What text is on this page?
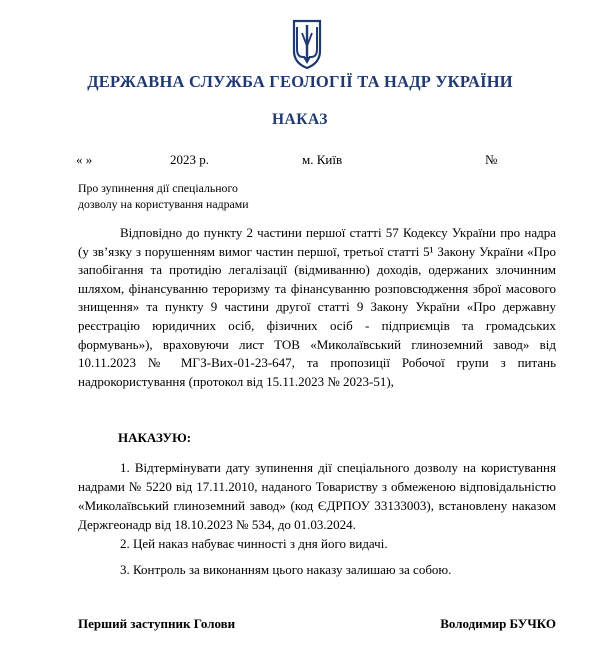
ДЕРЖАВНА СЛУЖБА ГЕОЛОГІЇ ТА НАДР УКРАЇНИ
НАКАЗ
« »	2023 р.	м. Київ	№
Про зупинення дії спеціального
дозволу на користування надрами

Відповідно до пункту 2 частини першої статті 57 Кодексу України про надра (у зв’язку з порушенням вимог частин першої, третьої статті 5¹ Закону України «Про запобігання та протидію легалізації (відмиванню) доходів, одержаних злочинним шляхом, фінансуванню тероризму та фінансуванню розповсюдження зброї масового знищення» та пункту 9 частини другої статті 9 Закону України «Про державну реєстрацію юридичних осіб, фізичних осіб - підприємців та громадських формувань»), враховуючи лист ТОВ «Миколаївський глиноземний завод» від 10.11.2023 № МГЗ-Вих-01-23-647, та пропозиції Робочої групи з питань надрокористування (протокол від 15.11.2023 № 2023-51),

НАКАЗУЮ:

1. Відтермінувати дату зупинення дії спеціального дозволу на користування надрами № 5220 від 17.11.2010, наданого Товариству з обмеженою відповідальністю «Миколаївський глиноземний завод» (код ЄДРПОУ 33133003), встановлену наказом Держгеонадр від 18.10.2023 № 534, до 01.03.2024.

2. Цей наказ набуває чинності з дня його видачі.
3. Контроль за виконанням цього наказу залишаю за собою.
Перший заступник Голови	Володимир БУЧКО
